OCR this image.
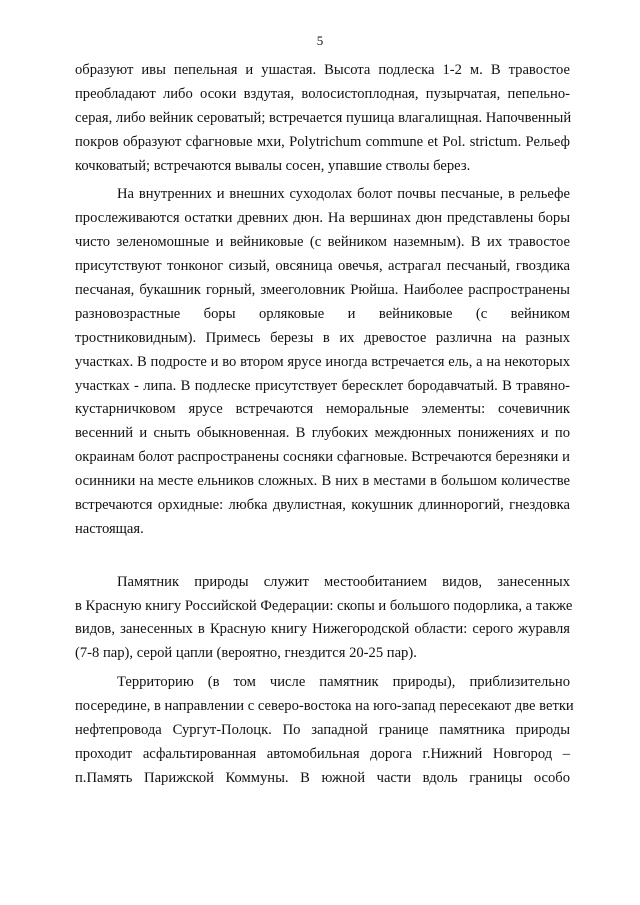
5
образуют ивы пепельная и ушастая. Высота подлеска 1-2 м. В травостое
преобладают либо осоки вздутая, волосистоплодная, пузырчатая, пепельно-
серая, либо вейник сероватый; встречается пушица влагалищная. Напочвенный
покров образуют сфагновые мхи, Polytrichum commune et Pol. strictum. Рельеф
кочковатый; встречаются вывалы сосен, упавшие стволы берез.
На внутренних и внешних суходолах болот почвы песчаные, в рельефе
прослеживаются остатки древних дюн. На вершинах дюн представлены боры
чисто зеленомошные и вейниковые (с вейником наземным). В их травостое
присутствуют тонконог сизый, овсяница овечья, астрагал песчаный, гвоздика
песчаная, букашник горный, змееголовник Рюйша. Наиболее распространены
разновозрастные боры орляковые и вейниковые (с вейником
тростниковидным). Примесь березы в их древостое различна на разных
участках. В подросте и во втором ярусе иногда встречается ель, а на некоторых
участках - липа. В подлеске присутствует бересклет бородавчатый. В травяно-
кустарничковом ярусе встречаются неморальные элементы: сочевичник
весенний и сныть обыкновенная. В глубоких междюнных понижениях и по
окраинам болот распространены сосняки сфагновые. Встречаются березняки и
осинники на месте ельников сложных. В них в местами в большом количестве
встречаются орхидные: любка двулистная, кокушник длиннорогий, гнездовка
настоящая.
Памятник природы служит местообитанием видов, занесенных
в Красную книгу Российской Федерации: скопы и большого подорлика, а также
видов, занесенных в Красную книгу Нижегородской области: серого журавля
(7-8 пар), серой цапли (вероятно, гнездится 20-25 пар).
Территорию (в том числе памятник природы), приблизительно
посередине, в направлении с северо-востока на юго-запад пересекают две ветки
нефтепровода Сургут-Полоцк. По западной границе памятника природы
проходит асфальтированная автомобильная дорога г.Нижний Новгород –
п.Память Парижской Коммуны. В южной части вдоль границы особо
